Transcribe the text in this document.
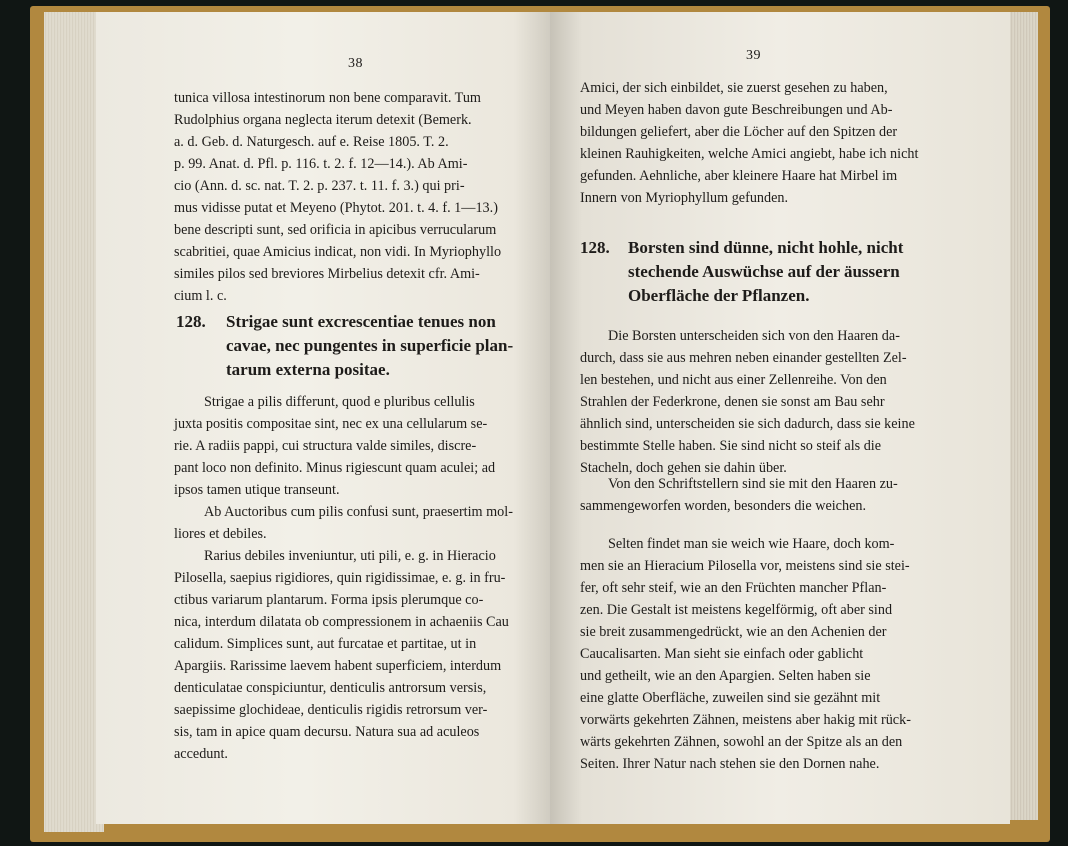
38
tunica villosa intestinorum non bene comparavit. Tum
Rudolphius organa neglecta iterum detexit (Bemerk.
a. d. Geb. d. Naturgesch. auf e. Reise 1805. T. 2.
p. 99. Anat. d. Pfl. p. 116. t. 2. f. 12—14.). Ab Ami-
cio (Ann. d. sc. nat. T. 2. p. 237. t. 11. f. 3.) qui pri-
mus vidisse putat et Meyeno (Phytot. 201. t. 4. f. 1—13.)
bene descripti sunt, sed orificia in apicibus verrucularum
scabritiei, quae Amicius indicat, non vidi. In Myriophyllo
similes pilos sed breviores Mirbelius detexit cfr. Ami-
cium l. c.
128. Strigae sunt excrescentiae tenues non
cavae, nec pungentes in superficie plan-
tarum externa positae.
Strigae a pilis differunt, quod e pluribus cellulis
juxta positis compositae sint, nec ex una cellularum se-
rie. A radiis pappi, cui structura valde similes, discre-
pant loco non definito. Minus rigiescunt quam aculei; ad
ipsos tamen utique transeunt.
Ab Auctoribus cum pilis confusi sunt, praesertim mol-
liores et debiles.
Rarius debiles inveniuntur, uti pili, e. g. in Hieracio
Pilosella, saepius rigidiores, quin rigidissimae, e. g. in fru-
ctibus variarum plantarum. Forma ipsis plerumque co-
nica, interdum dilatata ob compressionem in achaeniis Cau
calidum. Simplices sunt, aut furcatae et partitae, ut in
Apargiis. Rarissime laevem habent superficiem, interdum
denticulatae conspiciuntur, denticulis antrorsum versis,
saepissime glochideae, denticulis rigidis retrorsum ver-
sis, tam in apice quam decursu. Natura sua ad aculeos
accedunt.
39
Amici, der sich einbildet, sie zuerst gesehen zu haben,
und Meyen haben davon gute Beschreibungen und Ab-
bildungen geliefert, aber die Löcher auf den Spitzen der
kleinen Rauhigkeiten, welche Amici angiebt, habe ich nicht
gefunden. Aehnliche, aber kleinere Haare hat Mirbel im
Innern von Myriophyllum gefunden.
128. Borsten sind dünne, nicht hohle, nicht
stechende Auswüchse auf der äussern
Oberfläche der Pflanzen.
Die Borsten unterscheiden sich von den Haaren da-
durch, dass sie aus mehren neben einander gestellten Zel-
len bestehen, und nicht aus einer Zellenreihe. Von den
Strahlen der Federkrone, denen sie sonst am Bau sehr
ähnlich sind, unterscheiden sie sich dadurch, dass sie keine
bestimmte Stelle haben. Sie sind nicht so steif als die
Stacheln, doch gehen sie dahin über.
Von den Schriftstellern sind sie mit den Haaren zu-
sammengeworfen worden, besonders die weichen.
Selten findet man sie weich wie Haare, doch kom-
men sie an Hieracium Pilosella vor, meistens sind sie stei-
fer, oft sehr steif, wie an den Früchten mancher Pflan-
zen. Die Gestalt ist meistens kegelförmig, oft aber sind
sie breit zusammengedrückt, wie an den Achenien der
Caucalisarten. Man sieht sie einfach oder gablicht
und getheilt, wie an den Apargien. Selten haben sie
eine glatte Oberfläche, zuweilen sind sie gezähnt mit
vorwärts gekehrten Zähnen, meistens aber hakig mit rück-
wärts gekehrten Zähnen, sowohl an der Spitze als an den
Seiten. Ihrer Natur nach stehen sie den Dornen nahe.
